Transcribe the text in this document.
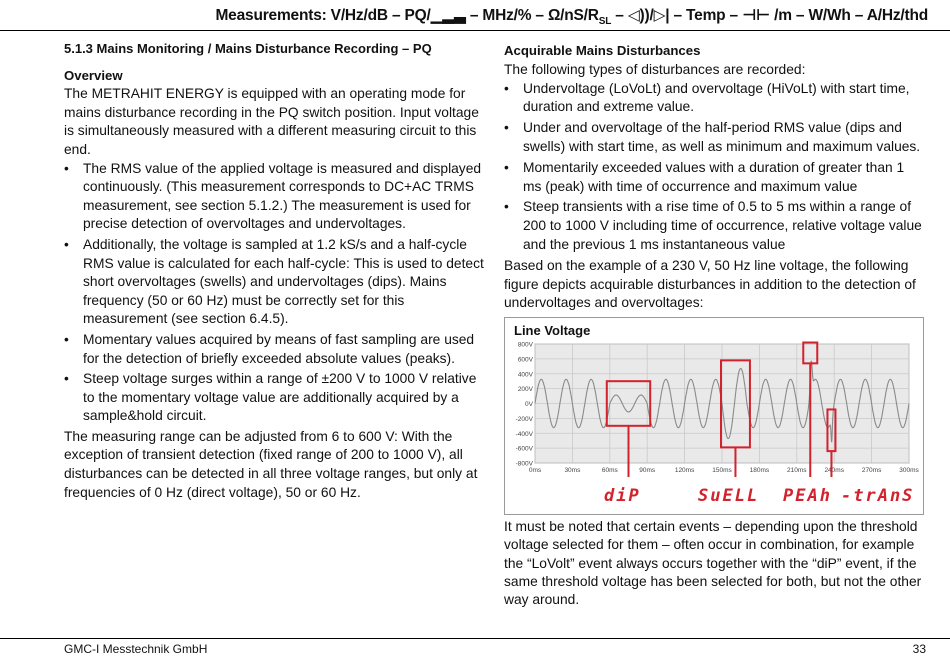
Measurements: V/Hz/dB – PQ/▁▂▃ – $MHz/\% - \Omega/nS/R_{SL}$ – ◁))/▷| – Temp – ⊣⊢ /m – W/Wh – A/Hz/thd
5.1.3 Mains Monitoring / Mains Disturbance Recording – PQ
Overview

The METRAHIT ENERGY is equipped with an operating mode for mains disturbance recording in the PQ switch position. Input voltage is simultaneously measured with a different measuring circuit to this end.

• The RMS value of the applied voltage is measured and displayed continuously. (This measurement corresponds to DC+AC TRMS measurement, see section 5.1.2.) The measurement is used for precise detection of overvoltages and undervoltages.
• Additionally, the voltage is sampled at 1.2 kS/s and a half-cycle RMS value is calculated for each half-cycle: This is used to detect short overvoltages (swells) and undervoltages (dips). Mains frequency (50 or 60 Hz) must be correctly set for this measurement (see section 6.4.5).
• Momentary values acquired by means of fast sampling are used for the detection of briefly exceeded absolute values (peaks).
• Steep voltage surges within a range of ±200 V to 1000 V relative to the momentary voltage value are additionally acquired by a sample&hold circuit.

The measuring range can be adjusted from 6 to 600 V: With the exception of transient detection (fixed range of 200 to 1000 V), all disturbances can be detected in all three voltage ranges, but only at frequencies of 0 Hz (direct voltage), 50 or 60 Hz.

Acquirable Mains Disturbances

The following types of disturbances are recorded:

• Undervoltage (LoVoLt) and overvoltage (HiVoLt) with start time, duration and extreme value.
• Under and overvoltage of the half-period RMS value (dips and swells) with start time, as well as minimum and maximum values.
• Momentarily exceeded values with a duration of greater than 1 ms (peak) with time of occurrence and maximum value
• Steep transients with a rise time of 0.5 to 5 ms within a range of 200 to 1000 V including time of occurrence, relative voltage value and the previous 1 ms instantaneous value

Based on the example of a 230 V, 50 Hz line voltage, the following figure depicts acquirable disturbances in addition to the detection of undervoltages and overvoltages:

Line Voltage
800V
600V
400V
200V
0V
-200V
-400V
-600V
-800V
0ms	30ms	60ms	90ms	120ms	150ms	180ms	210ms	240ms	270ms	300ms
diP	SuELL PEAh -trAnS

It must be noted that certain events – depending upon the threshold voltage selected for them – often occur in combination, for example the “LoVolt” event always occurs together with the “diP” event, if the same threshold voltage has been selected for both, but not the other way around.

GMC-I Messtechnik GmbH	33
